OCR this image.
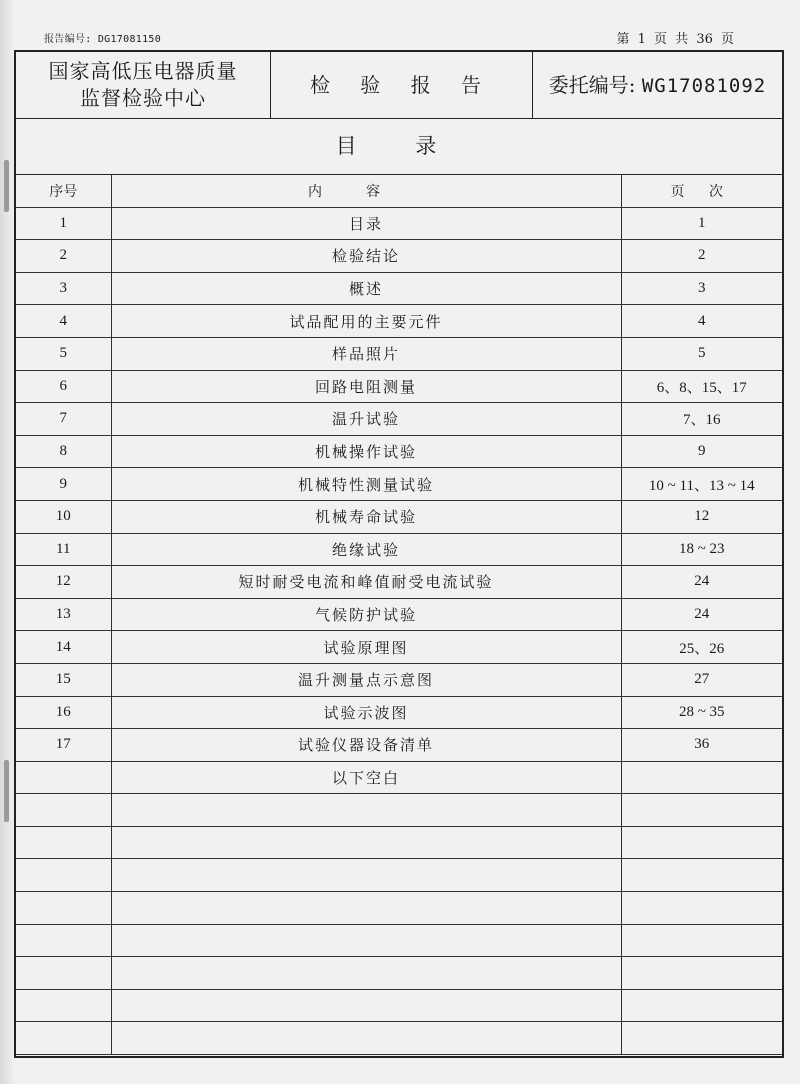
报告编号: DG17081150	第 1 页 共 36 页
国家高低压电器质量
监督检验中心
检 验 报 告	委托编号: WG17081092
目 录
序号	内容	页 次
1	目录	1
2	检验结论	2
3	概述	3
4	试品配用的主要元件	4
5	样品照片	5
6	回路电阻测量	6、8、15、17
7	温升试验	7、16
8	机械操作试验	9
9	机械特性测量试验	10 ~ 11、13 ~ 14
10	机械寿命试验	12
11	绝缘试验	18 ~ 23
12	短时耐受电流和峰值耐受电流试验	24
13	气候防护试验	24
14	试验原理图	25、26
15	温升测量点示意图	27
16	试验示波图	28 ~ 35
17	试验仪器设备清单	36
	以下空白	
